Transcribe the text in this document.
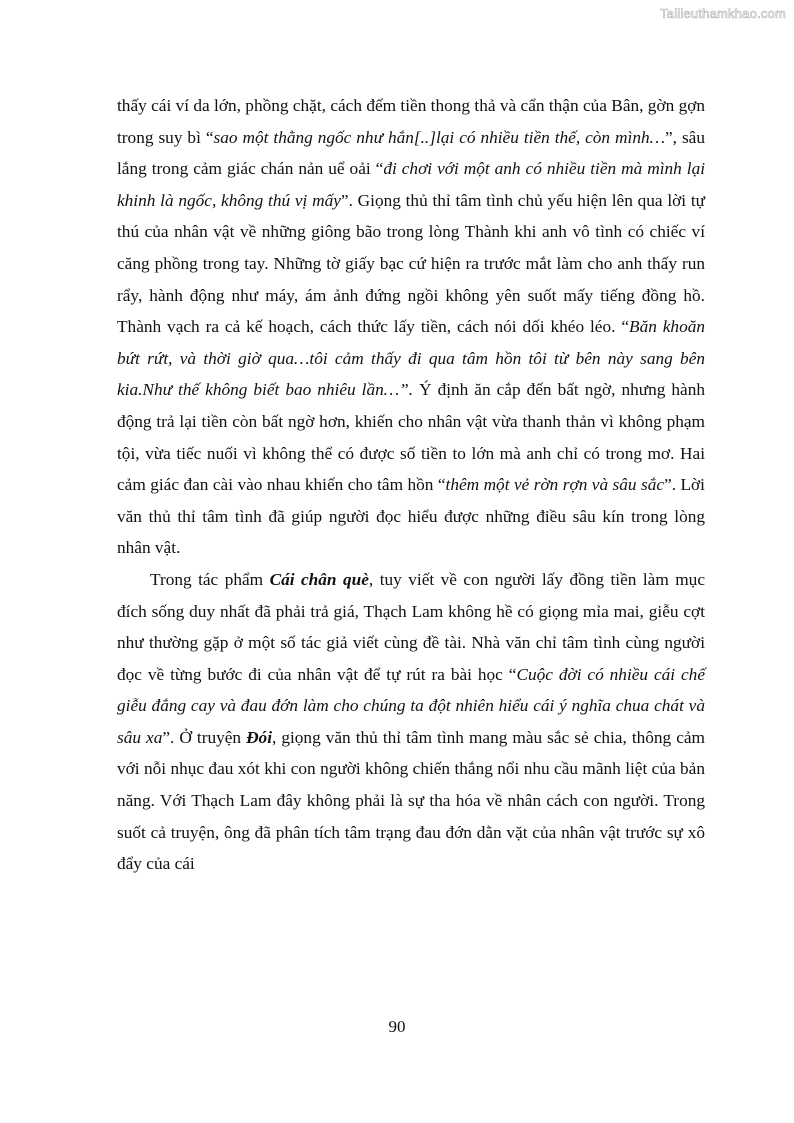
Tailieuthamkhao.com

thấy cái ví da lớn, phồng chặt, cách đếm tiền thong thả và cẩn thận của Bân, gờn gợn trong suy bì “sao một thằng ngốc như hắn[..]lại có nhiều tiền thế, còn mình…”, sâu lắng trong cảm giác chán nản uể oải “đi chơi với một anh có nhiều tiền mà mình lại khinh là ngốc, không thú vị mấy”. Giọng thủ thỉ tâm tình chủ yếu hiện lên qua lời tự thú của nhân vật về những giông bão trong lòng Thành khi anh vô tình có chiếc ví căng phồng trong tay. Những tờ giấy bạc cứ hiện ra trước mắt làm cho anh thấy run rẩy, hành động như máy, ám ảnh đứng ngồi không yên suốt mấy tiếng đồng hồ. Thành vạch ra cả kế hoạch, cách thức lấy tiền, cách nói dối khéo léo. “Băn khoăn bứt rứt, và thời giờ qua…tôi cảm thấy đi qua tâm hồn tôi từ bên này sang bên kia.Như thế không biết bao nhiêu lần…”. Ý định ăn cắp đến bất ngờ, nhưng hành động trả lại tiền còn bất ngờ hơn, khiến cho nhân vật vừa thanh thản vì không phạm tội, vừa tiếc nuối vì không thể có được số tiền to lớn mà anh chỉ có trong mơ. Hai cảm giác đan cài vào nhau khiến cho tâm hồn “thêm một vẻ rờn rợn và sâu sắc”. Lời văn thủ thỉ tâm tình đã giúp người đọc hiểu được những điều sâu kín trong lòng nhân vật.

Trong tác phẩm Cái chân què, tuy viết về con người lấy đồng tiền làm mục đích sống duy nhất đã phải trả giá, Thạch Lam không hề có giọng mỉa mai, giễu cợt như thường gặp ở một số tác giả viết cùng đề tài. Nhà văn chỉ tâm tình cùng người đọc về từng bước đi của nhân vật để tự rút ra bài học “Cuộc đời có nhiều cái chế giễu đắng cay và đau đớn làm cho chúng ta đột nhiên hiểu cái ý nghĩa chua chát và sâu xa”. Ở truyện Đói, giọng văn thủ thỉ tâm tình mang màu sắc sẻ chia, thông cảm với nỗi nhục đau xót khi con người không chiến thắng nổi nhu cầu mãnh liệt của bản năng. Với Thạch Lam đây không phải là sự tha hóa về nhân cách con người. Trong suốt cả truyện, ông đã phân tích tâm trạng đau đớn dằn vặt của nhân vật trước sự xô đẩy của cái

90
